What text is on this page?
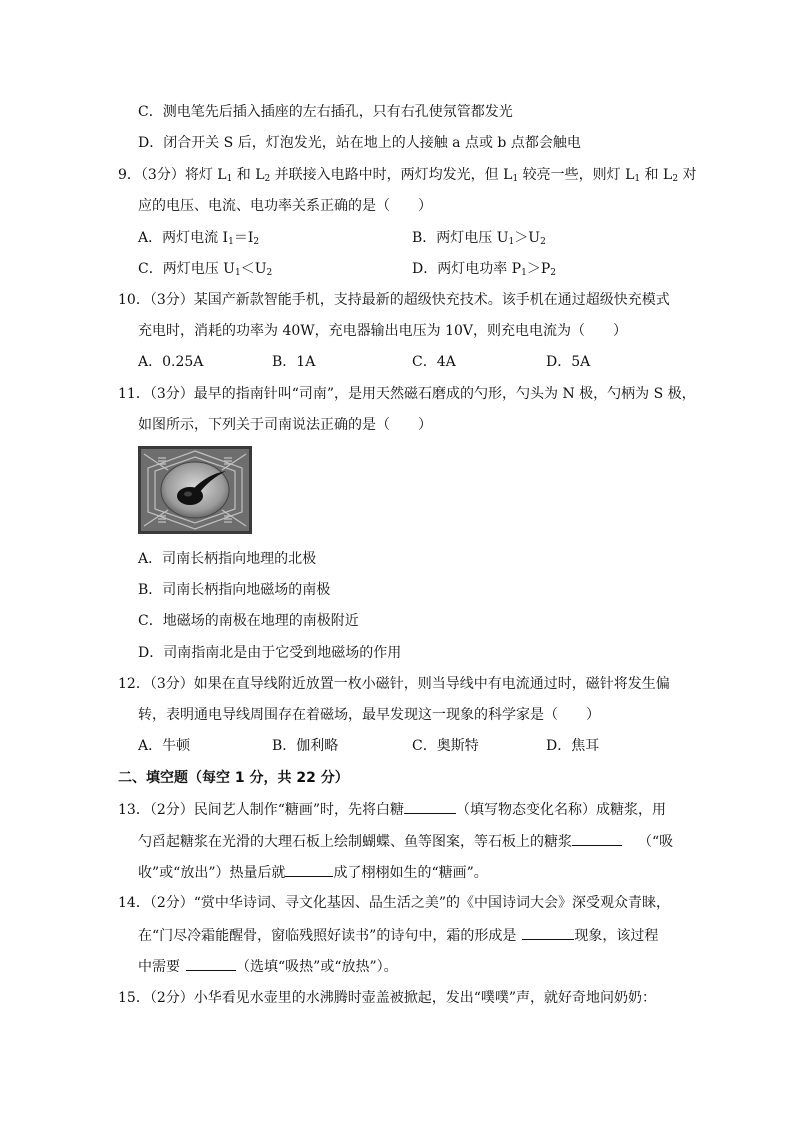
C．测电笔先后插入插座的左右插孔，只有右孔使氖管都发光
D．闭合开关 S 后，灯泡发光，站在地上的人接触 a 点或 b 点都会触电
9．（3分）将灯 $L_1$ 和 $L_2$ 并联接入电路中时，两灯均发光，但 $L_1$ 较亮一些，则灯 $L_1$ 和 $L_2$ 对
应的电压、电流、电功率关系正确的是（　　）
A．两灯电流 $I_1=I_2$	B．两灯电压 $U_1>U_2$
C．两灯电压 $U_1<U_2$	D．两灯电功率 $P_1>P_2$
10．（3分）某国产新款智能手机，支持最新的超级快充技术。该手机在通过超级快充模式
充电时，消耗的功率为 40W，充电器输出电压为 10V，则充电电流为（　　）
A．0.25A	B．1A	C．4A	D．5A
11．（3分）最早的指南针叫“司南”，是用天然磁石磨成的勺形，勺头为 N 极，勺柄为 S 极，
如图所示，下列关于司南说法正确的是（　　）
A．司南长柄指向地理的北极
B．司南长柄指向地磁场的南极
C．地磁场的南极在地理的南极附近
D．司南指南北是由于它受到地磁场的作用
12．（3分）如果在直导线附近放置一枚小磁针，则当导线中有电流通过时，磁针将发生偏
转，表明通电导线周围存在着磁场，最早发现这一现象的科学家是（　　）
A．牛顿	B．伽利略	C．奥斯特	D．焦耳
二、填空题（每空 1 分，共 22 分）
13．（2分）民间艺人制作“糖画”时，先将白糖	（填写物态变化名称）成糖浆，用
勺舀起糖浆在光滑的大理石板上绘制蝴蝶、鱼等图案，等石板上的糖浆	（“吸
收”或“放出”）热量后就	成了栩栩如生的“糖画”。
14．（2分）“赏中华诗词、寻文化基因、品生活之美”的《中国诗词大会》深受观众青睐，
在“门尽冷霜能醒骨，窗临残照好读书”的诗句中，霜的形成是	现象，该过程
中需要	（选填“吸热”或“放热”）。
15．（2分）小华看见水壶里的水沸腾时壶盖被掀起，发出“噗噗”声，就好奇地问奶奶：
